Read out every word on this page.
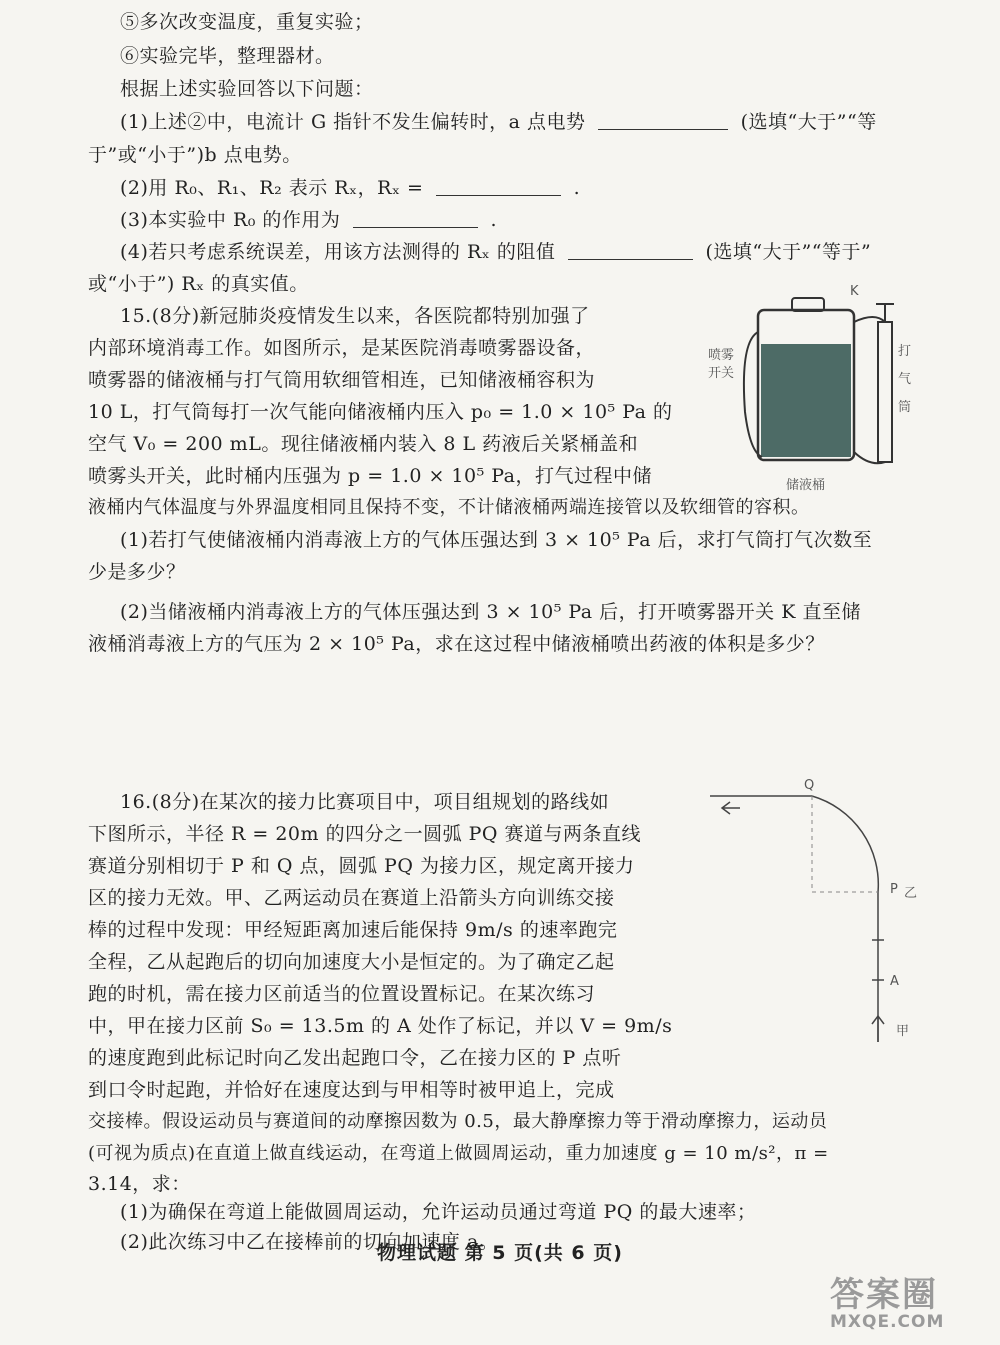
⑤多次改变温度，重复实验；
⑥实验完毕，整理器材。
根据上述实验回答以下问题：
(1)上述②中，电流计 G 指针不发生偏转时，a 点电势	(选填“大于”“等
于”或“小于”)b 点电势。
(2)用 R₀、R₁、R₂ 表示 Rₓ，Rₓ =	.
(3)本实验中 R₀ 的作用为	.
(4)若只考虑系统误差，用该方法测得的 Rₓ 的阻值	(选填“大于”“等于”
或“小于”) Rₓ 的真实值。
15.(8分)新冠肺炎疫情发生以来，各医院都特别加强了
内部环境消毒工作。如图所示，是某医院消毒喷雾器设备，
喷雾器的储液桶与打气筒用软细管相连，已知储液桶容积为
10 L，打气筒每打一次气能向储液桶内压入 p₀ = 1.0 × 10⁵ Pa 的
空气 V₀ = 200 mL。现往储液桶内装入 8 L 药液后关紧桶盖和
喷雾头开关，此时桶内压强为 p = 1.0 × 10⁵ Pa，打气过程中储
液桶内气体温度与外界温度相同且保持不变，不计储液桶两端连接管以及软细管的容积。
(1)若打气使储液桶内消毒液上方的气体压强达到 3 × 10⁵ Pa 后，求打气筒打气次数至
少是多少？
(2)当储液桶内消毒液上方的气体压强达到 3 × 10⁵ Pa 后，打开喷雾器开关 K 直至储
液桶消毒液上方的气压为 2 × 10⁵ Pa，求在这过程中储液桶喷出药液的体积是多少？
K
喷雾
开关
打
气
筒
储液桶
16.(8分)在某次的接力比赛项目中，项目组规划的路线如
下图所示，半径 R = 20m 的四分之一圆弧 PQ 赛道与两条直线
赛道分别相切于 P 和 Q 点，圆弧 PQ 为接力区，规定离开接力
区的接力无效。甲、乙两运动员在赛道上沿箭头方向训练交接
棒的过程中发现：甲经短距离加速后能保持 9m/s 的速率跑完
全程，乙从起跑后的切向加速度大小是恒定的。为了确定乙起
跑的时机，需在接力区前适当的位置设置标记。在某次练习
中，甲在接力区前 S₀ = 13.5m 的 A 处作了标记，并以 V = 9m/s
的速度跑到此标记时向乙发出起跑口令，乙在接力区的 P 点听
到口令时起跑，并恰好在速度达到与甲相等时被甲追上，完成
交接棒。假设运动员与赛道间的动摩擦因数为 0.5，最大静摩擦力等于滑动摩擦力，运动员
(可视为质点)在直道上做直线运动，在弯道上做圆周运动，重力加速度 g = 10 m/s²，π =
3.14，求：
(1)为确保在弯道上能做圆周运动，允许运动员通过弯道 PQ 的最大速率；
(2)此次练习中乙在接棒前的切向加速度 a。
Q
P 乙
A
甲
物理试题 第 5 页(共 6 页)
答案圈
MXQE.COM
